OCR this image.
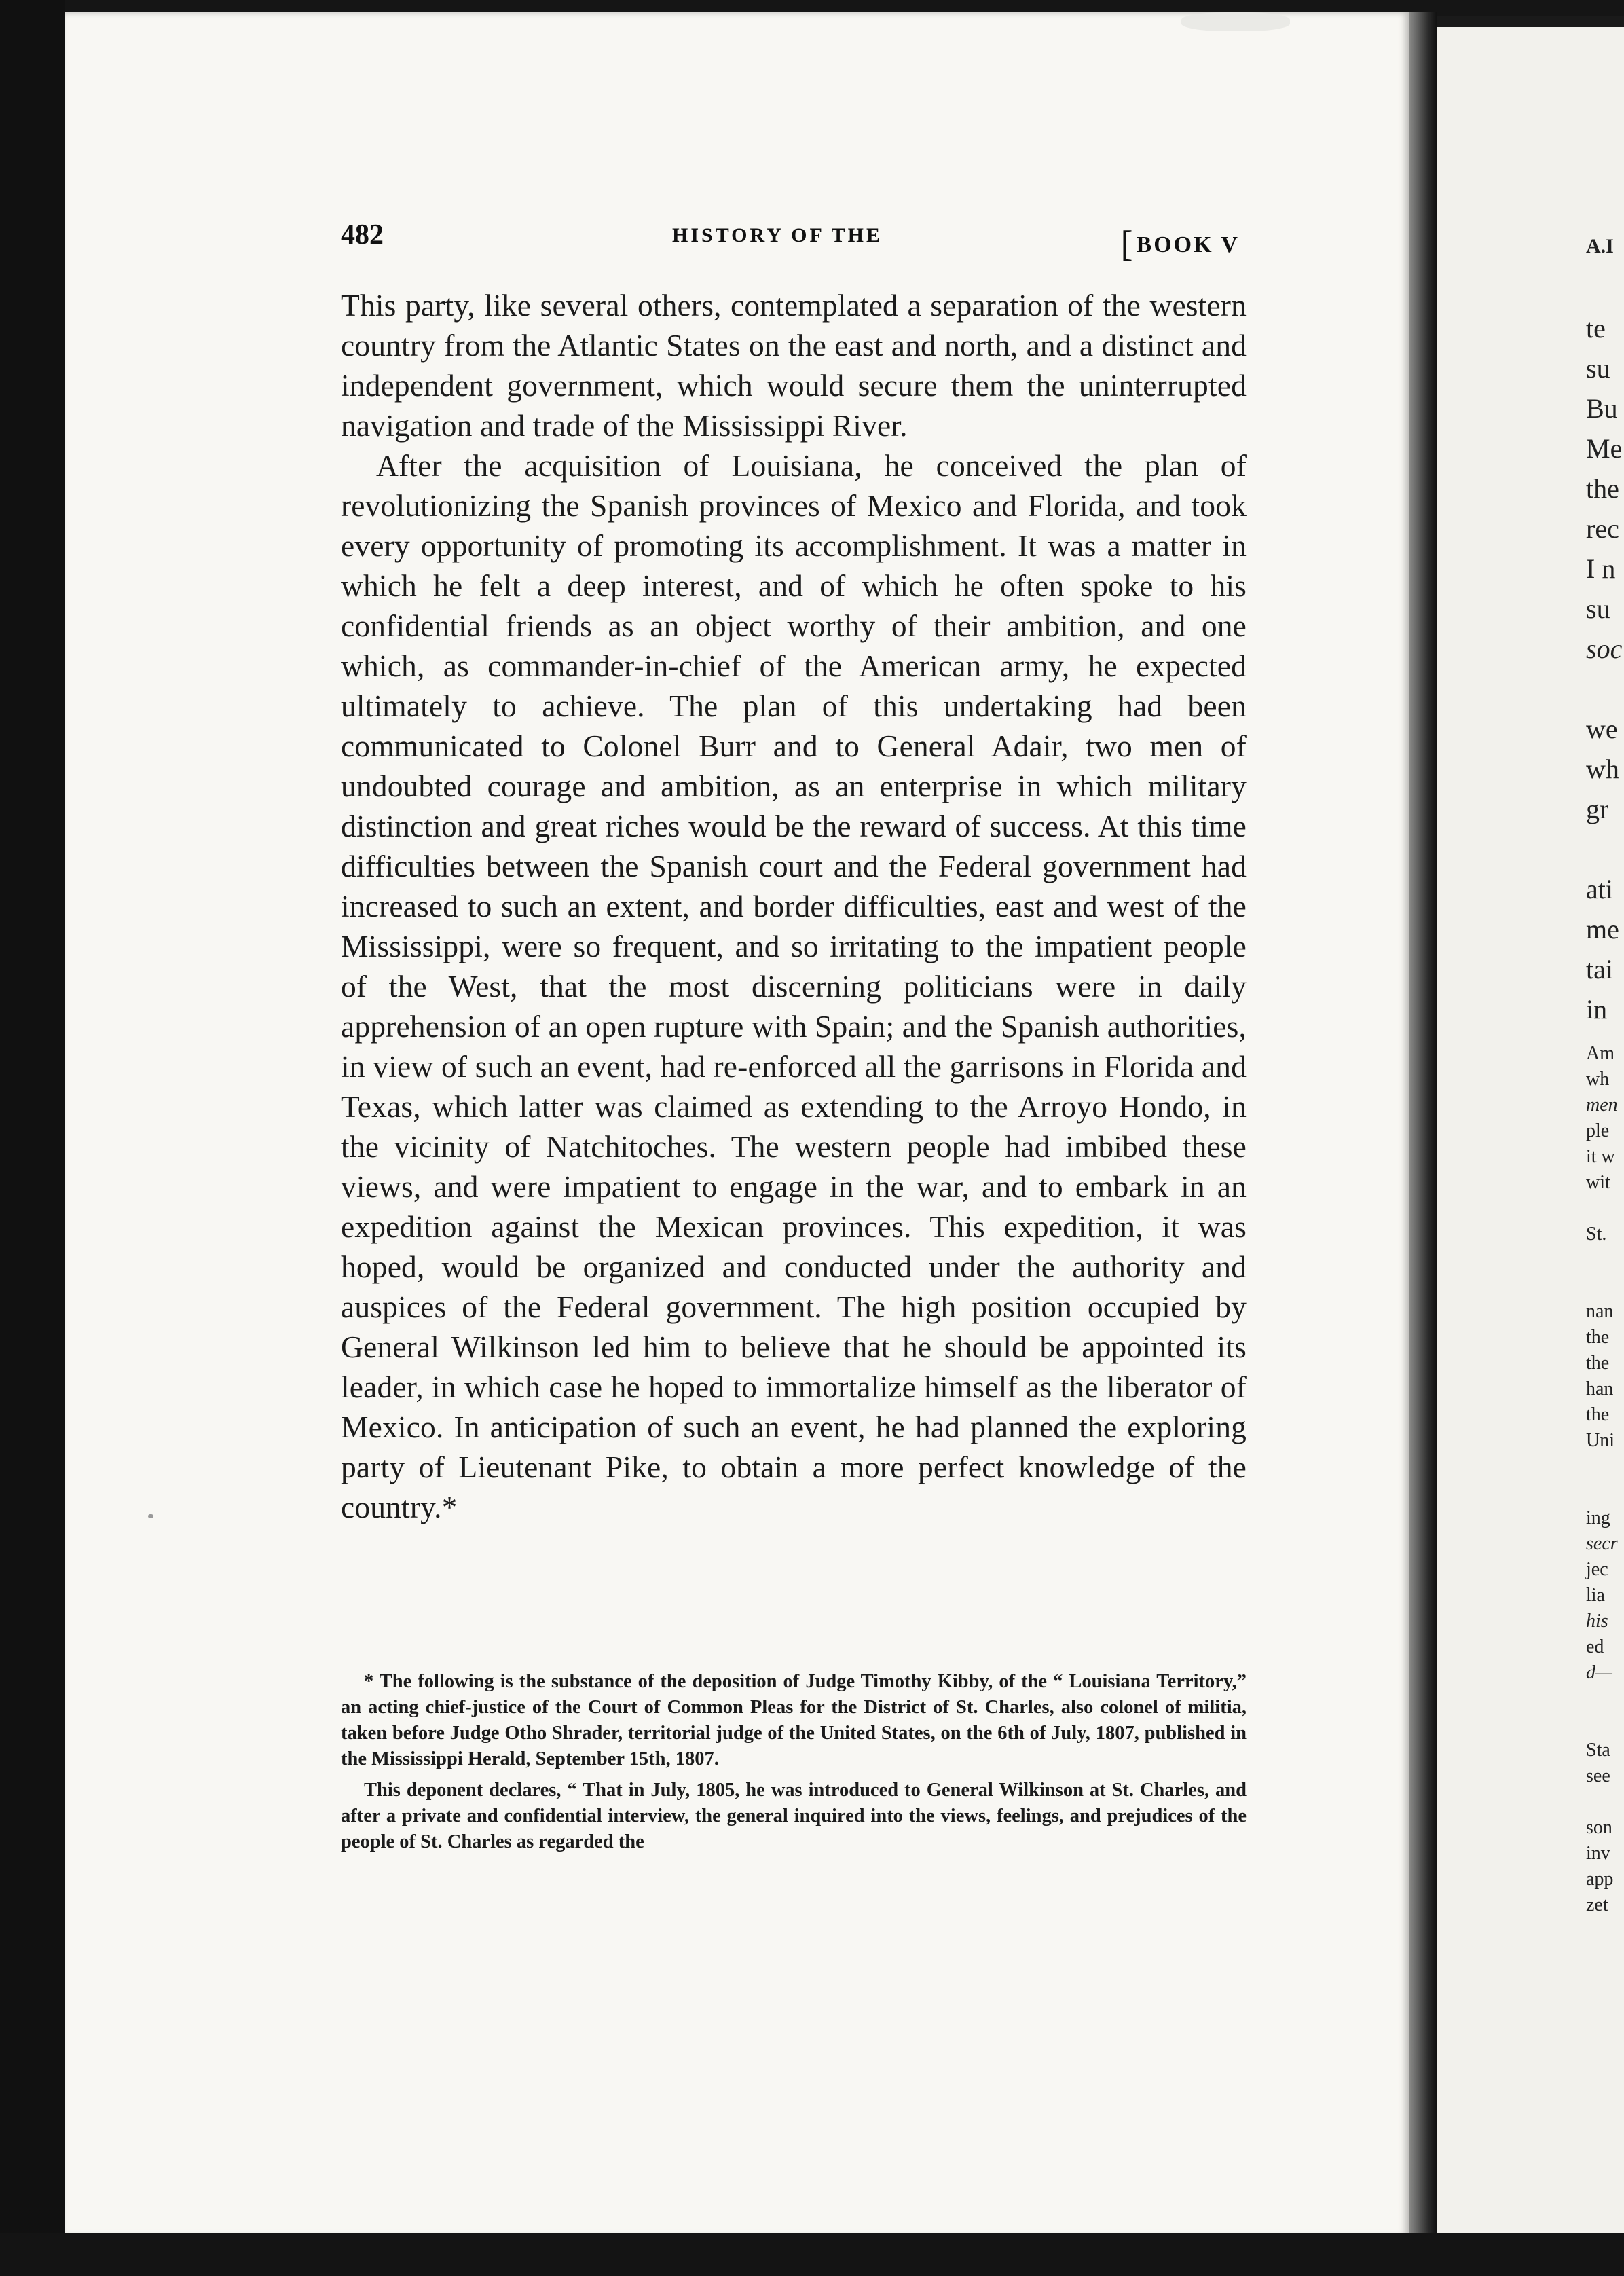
482	HISTORY OF THE	[BOOK V

This party, like several others, contemplated a separation of the western country from the Atlantic States on the east and north, and a distinct and independent government, which would secure them the uninterrupted navigation and trade of the Mississippi River.

After the acquisition of Louisiana, he conceived the plan of revolutionizing the Spanish provinces of Mexico and Florida, and took every opportunity of promoting its accomplishment. It was a matter in which he felt a deep interest, and of which he often spoke to his confidential friends as an object worthy of their ambition, and one which, as commander-in-chief of the American army, he expected ultimately to achieve. The plan of this undertaking had been communicated to Colonel Burr and to General Adair, two men of undoubted courage and ambition, as an enterprise in which military distinction and great riches would be the reward of success. At this time difficulties between the Spanish court and the Federal government had increased to such an extent, and border difficulties, east and west of the Mississippi, were so frequent, and so irritating to the impatient people of the West, that the most discerning politicians were in daily apprehension of an open rupture with Spain; and the Spanish authorities, in view of such an event, had re-enforced all the garrisons in Florida and Texas, which latter was claimed as extending to the Arroyo Hondo, in the vicinity of Natchitoches. The western people had imbibed these views, and were impatient to engage in the war, and to embark in an expedition against the Mexican provinces. This expedition, it was hoped, would be organized and conducted under the authority and auspices of the Federal government. The high position occupied by General Wilkinson led him to believe that he should be appointed its leader, in which case he hoped to immortalize himself as the liberator of Mexico. In anticipation of such an event, he had planned the exploring party of Lieutenant Pike, to obtain a more perfect knowledge of the country.*

* The following is the substance of the deposition of Judge Timothy Kibby, of the “ Louisiana Territory,” an acting chief-justice of the Court of Common Pleas for the District of St. Charles, also colonel of militia, taken before Judge Otho Shrader, territorial judge of the United States, on the 6th of July, 1807, published in the Mississippi Herald, September 15th, 1807.

This deponent declares, “ That in July, 1805, he was introduced to General Wilkinson at St. Charles, and after a private and confidential interview, the general inquired into the views, feelings, and prejudices of the people of St. Charles as regarded the

A.I
te
su
Bu
Me
the
rec
I n
su
soc
we
wh
gr
ati
me
tai
in
Am
wh
men
ple
it w
wit
St.
nan
the
the
han
the
Uni
ing
secr
jec
lia
his
ed
d—
Sta
see
son
inv
app
zet
